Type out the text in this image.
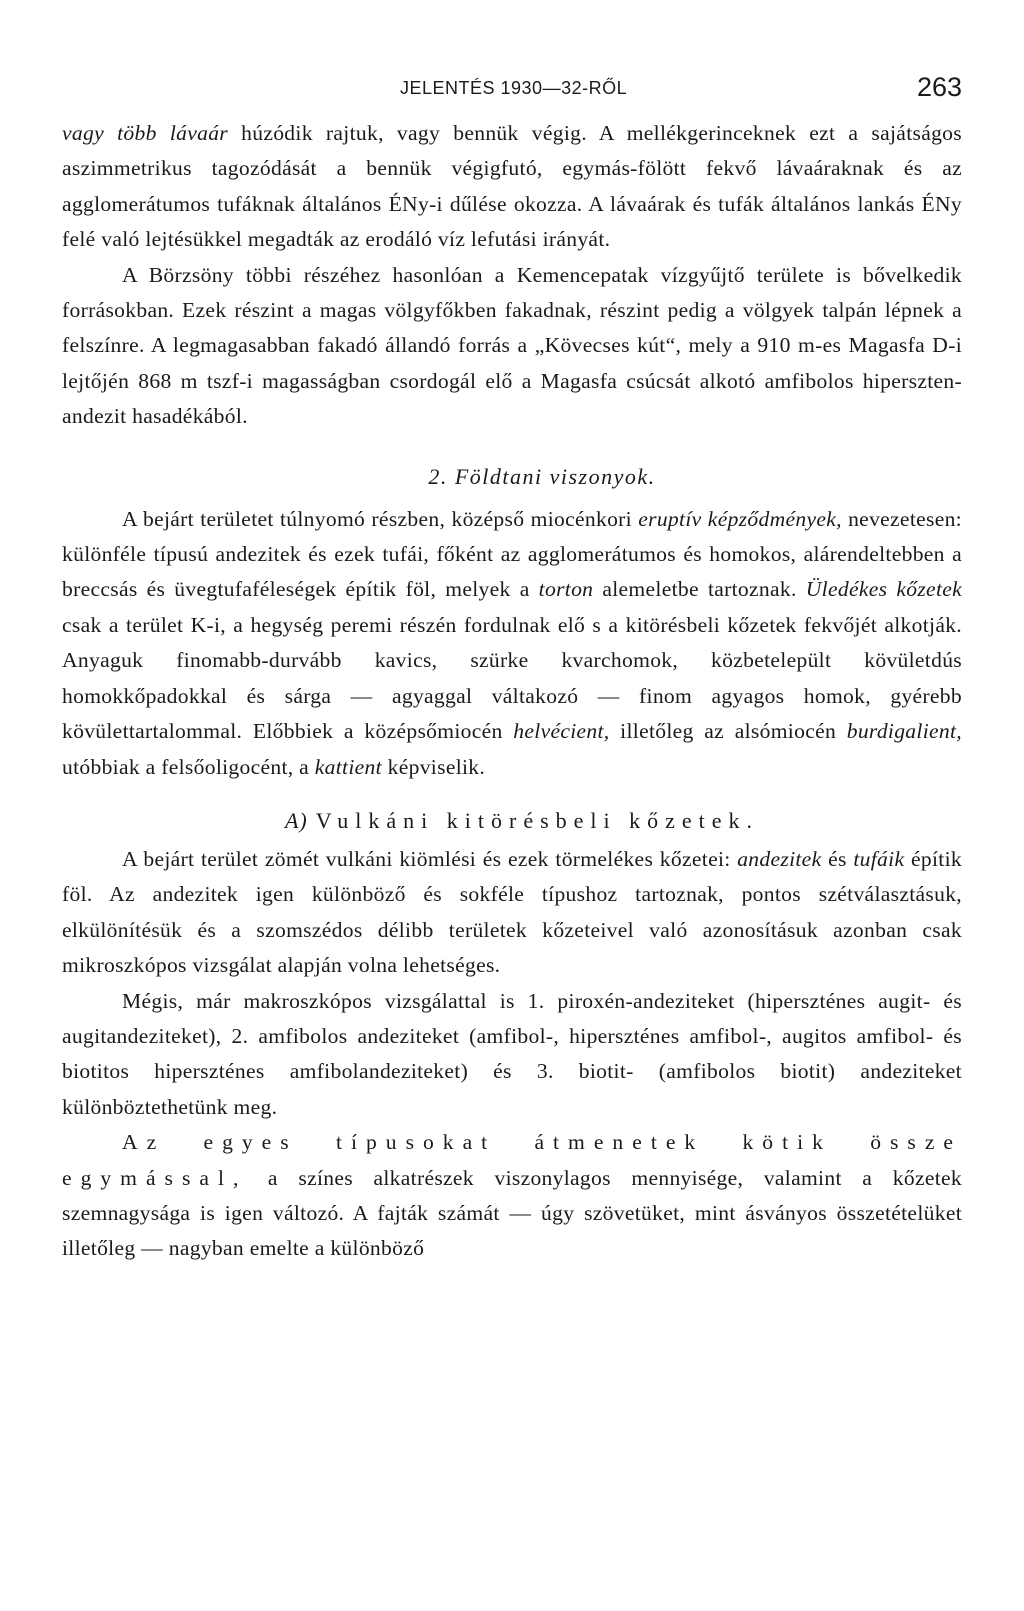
JELENTÉS 1930—32-RŐL	263

vagy több lávaár húzódik rajtuk, vagy bennük végig. A mellékgerinceknek ezt a sajátságos aszimmetrikus tagozódását a bennük végigfutó, egymás-fölött fekvő lávaáraknak és az agglomerátumos tufáknak általános ÉNy-i dűlése okozza. A lávaárak és tufák általános lankás ÉNy felé való lejtésükkel megadták az erodáló víz lefutási irányát.

A Börzsöny többi részéhez hasonlóan a Kemencepatak vízgyűjtő területe is bővelkedik forrásokban. Ezek részint a magas völgyfőkben fakadnak, részint pedig a völgyek talpán lépnek a felszínre. A legmagasabban fakadó állandó forrás a „Kövecses kút“, mely a 910 m-es Magasfa D-i lejtőjén 868 m tszf-i magasságban csordogál elő a Magasfa csúcsát alkotó amfibolos hiperszten-andezit hasadékából.

2. Földtani viszonyok.

A bejárt területet túlnyomó részben, középső miocénkori eruptív képződmények, nevezetesen: különféle típusú andezitek és ezek tufái, főként az agglomerátumos és homokos, alárendeltebben a breccsás és üvegtufaféleségek építik föl, melyek a torton alemeletbe tartoznak. Üledékes kőzetek csak a terület K-i, a hegység peremi részén fordulnak elő s a kitörésbeli kőzetek fekvőjét alkotják. Anyaguk finomabb-durvább kavics, szürke kvarchomok, közbetelepült kövületdús homokkőpadokkal és sárga — agyaggal váltakozó — finom agyagos homok, gyérebb kövülettartalommal. Előbbiek a középsőmiocén helvécient, illetőleg az alsómiocén burdigalient, utóbbiak a felsőoligocént, a kattient képviselik.

A) Vulkáni kitörésbeli kőzetek.

A bejárt terület zömét vulkáni kiömlési és ezek törmelékes kőzetei: andezitek és tufáik építik föl. Az andezitek igen különböző és sokféle típushoz tartoznak, pontos szétválasztásuk, elkülönítésük és a szomszédos délibb területek kőzeteivel való azonosításuk azonban csak mikroszkópos vizsgálat alapján volna lehetséges.

Mégis, már makroszkópos vizsgálattal is 1. piroxén-andeziteket (hiperszténes augit- és augitandeziteket), 2. amfibolos andeziteket (amfibol-, hiperszténes amfibol-, augitos amfibol- és biotitos hiperszténes amfibolandeziteket) és 3. biotit- (amfibolos biotit) andeziteket különböztethetünk meg.

Az egyes típusokat átmenetek kötik össze egymással, a színes alkatrészek viszonylagos mennyisége, valamint a kőzetek szemnagysága is igen változó. A fajták számát — úgy szövetüket, mint ásványos összetételüket illetőleg — nagyban emelte a különböző
